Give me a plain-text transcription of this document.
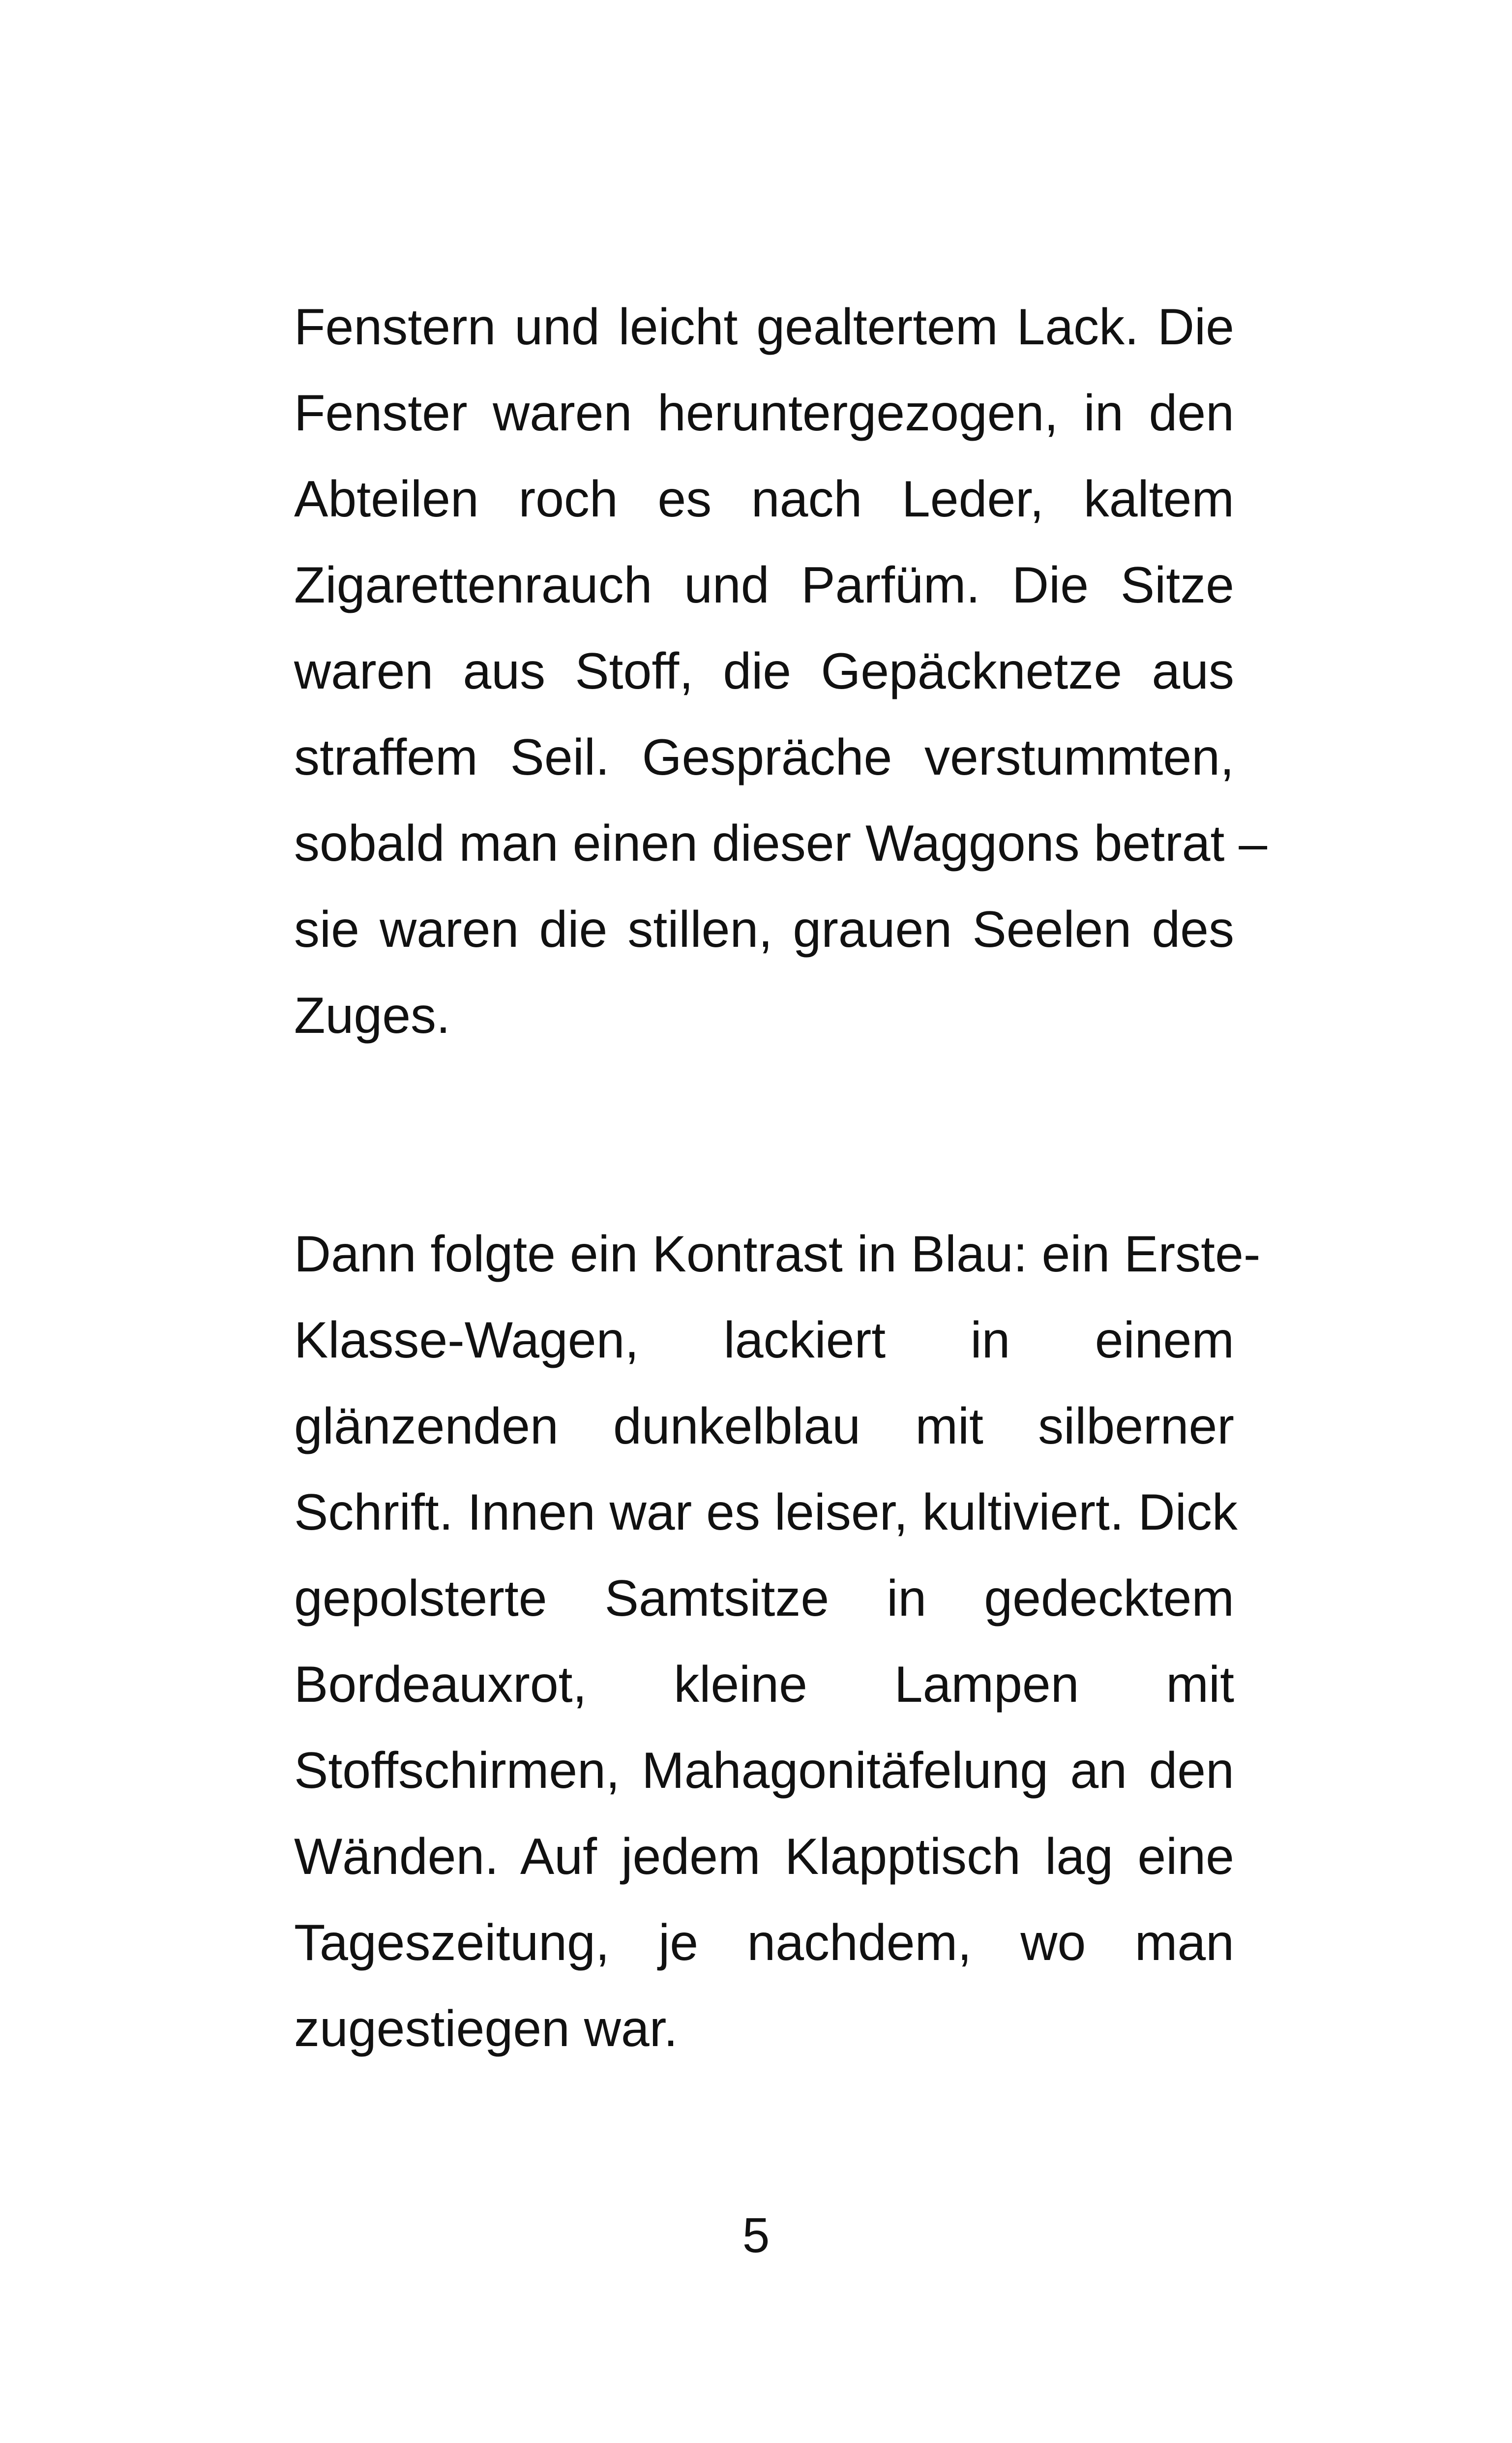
Fenstern und leicht gealtertem Lack. Die
Fenster waren heruntergezogen, in den
Abteilen roch es nach Leder, kaltem
Zigarettenrauch und Parfüm. Die Sitze
waren aus Stoff, die Gepäcknetze aus
straffem Seil. Gespräche verstummten,
sobald man einen dieser Waggons betrat –
sie waren die stillen, grauen Seelen des
Zuges.
Dann folgte ein Kontrast in Blau: ein Erste-
Klasse-Wagen, lackiert in einem
glänzenden dunkelblau mit silberner
Schrift. Innen war es leiser, kultiviert. Dick
gepolsterte Samtsitze in gedecktem
Bordeauxrot, kleine Lampen mit
Stoffschirmen, Mahagonitäfelung an den
Wänden. Auf jedem Klapptisch lag eine
Tageszeitung, je nachdem, wo man
zugestiegen war.
5
